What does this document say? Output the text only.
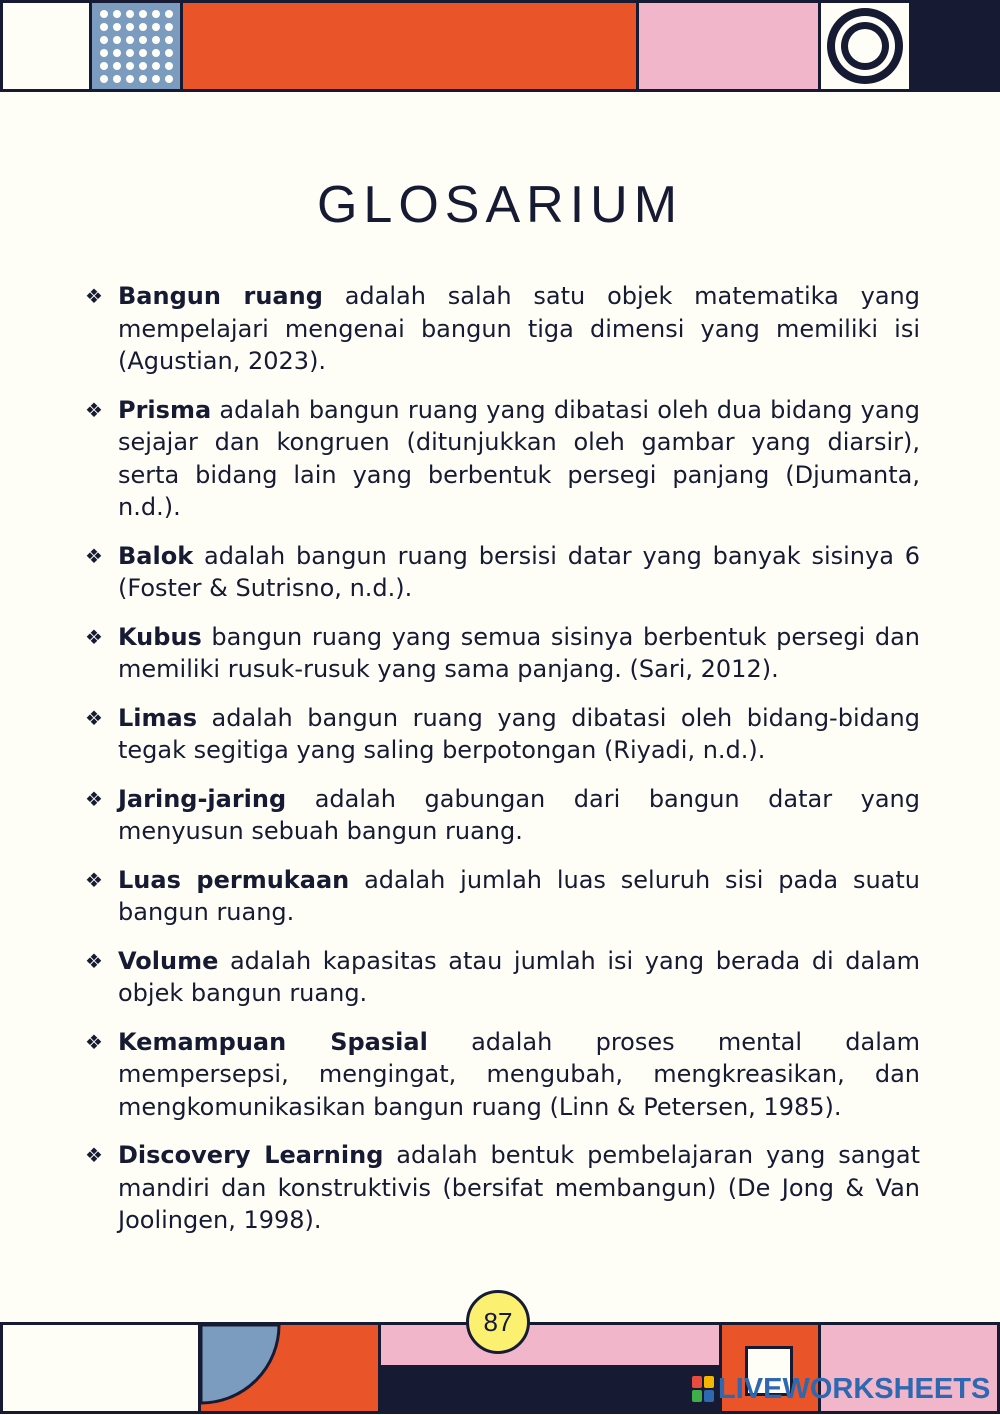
GLOSARIUM
❖ Bangun ruang adalah salah satu objek matematika yang mempelajari mengenai bangun tiga dimensi yang memiliki isi (Agustian, 2023).
❖ Prisma adalah bangun ruang yang dibatasi oleh dua bidang yang sejajar dan kongruen (ditunjukkan oleh gambar yang diarsir), serta bidang lain yang berbentuk persegi panjang (Djumanta, n.d.).
❖ Balok adalah bangun ruang bersisi datar yang banyak sisinya 6 (Foster & Sutrisno, n.d.).
❖ Kubus bangun ruang yang semua sisinya berbentuk persegi dan memiliki rusuk-rusuk yang sama panjang. (Sari, 2012).
❖ Limas adalah bangun ruang yang dibatasi oleh bidang-bidang tegak segitiga yang saling berpotongan (Riyadi, n.d.).
❖ Jaring-jaring adalah gabungan dari bangun datar yang menyusun sebuah bangun ruang.
❖ Luas permukaan adalah jumlah luas seluruh sisi pada suatu bangun ruang.
❖ Volume adalah kapasitas atau jumlah isi yang berada di dalam objek bangun ruang.
❖ Kemampuan Spasial adalah proses mental dalam mempersepsi, mengingat, mengubah, mengkreasikan, dan mengkomunikasikan bangun ruang (Linn & Petersen, 1985).
❖ Discovery Learning adalah bentuk pembelajaran yang sangat mandiri dan konstruktivis (bersifat membangun) (De Jong & Van Joolingen, 1998).
87
LIVEWORKSHEETS
